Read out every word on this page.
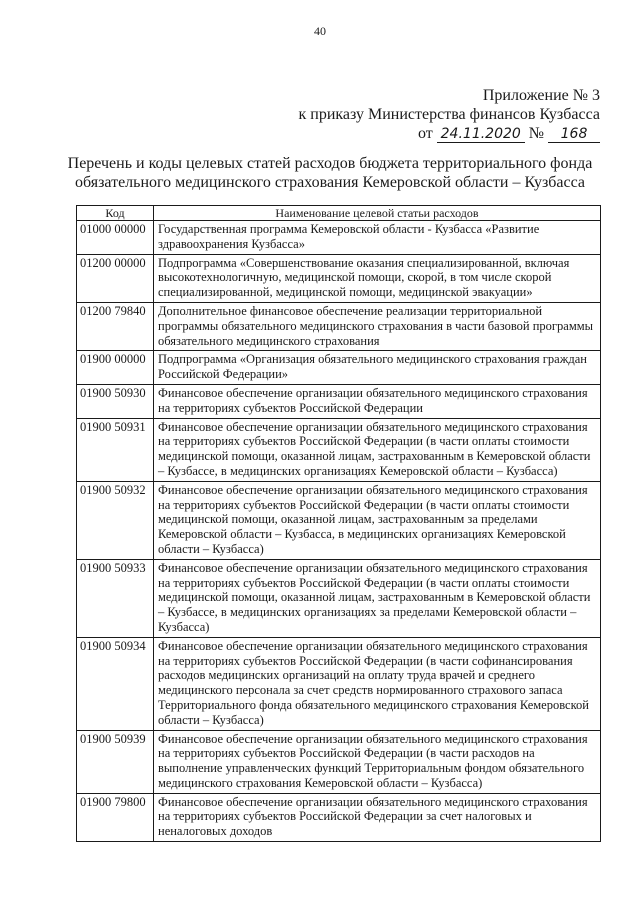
40
Приложение № 3
к приказу Министерства финансов Кузбасса
от 24.11.2020 № 168
Перечень и коды целевых статей расходов бюджета территориального фонда обязательного медицинского страхования Кемеровской области – Кузбасса
Код	Наименование целевой статьи расходов
01000 00000	Государственная программа Кемеровской области - Кузбасса «Развитие здравоохранения Кузбасса»
01200 00000	Подпрограмма «Совершенствование оказания специализированной, включая высокотехнологичную, медицинской помощи, скорой, в том числе скорой специализированной, медицинской помощи, медицинской эвакуации»
01200 79840	Дополнительное финансовое обеспечение реализации территориальной программы обязательного медицинского страхования в части базовой программы обязательного медицинского страхования
01900 00000	Подпрограмма «Организация обязательного медицинского страхования граждан Российской Федерации»
01900 50930	Финансовое обеспечение организации обязательного медицинского страхования на территориях субъектов Российской Федерации
01900 50931	Финансовое обеспечение организации обязательного медицинского страхования на территориях субъектов Российской Федерации (в части оплаты стоимости медицинской помощи, оказанной лицам, застрахованным в Кемеровской области – Кузбассе, в медицинских организациях Кемеровской области – Кузбасса)
01900 50932	Финансовое обеспечение организации обязательного медицинского страхования на территориях субъектов Российской Федерации (в части оплаты стоимости медицинской помощи, оказанной лицам, застрахованным за пределами Кемеровской области – Кузбасса, в медицинских организациях Кемеровской области – Кузбасса)
01900 50933	Финансовое обеспечение организации обязательного медицинского страхования на территориях субъектов Российской Федерации (в части оплаты стоимости медицинской помощи, оказанной лицам, застрахованным в Кемеровской области – Кузбассе, в медицинских организациях за пределами Кемеровской области – Кузбасса)
01900 50934	Финансовое обеспечение организации обязательного медицинского страхования на территориях субъектов Российской Федерации (в части софинансирования расходов медицинских организаций на оплату труда врачей и среднего медицинского персонала за счет средств нормированного страхового запаса Территориального фонда обязательного медицинского страхования Кемеровской области – Кузбасса)
01900 50939	Финансовое обеспечение организации обязательного медицинского страхования на территориях субъектов Российской Федерации (в части расходов на выполнение управленческих функций Территориальным фондом обязательного медицинского страхования Кемеровской области – Кузбасса)
01900 79800	Финансовое обеспечение организации обязательного медицинского страхования на территориях субъектов Российской Федерации за счет налоговых и неналоговых доходов
